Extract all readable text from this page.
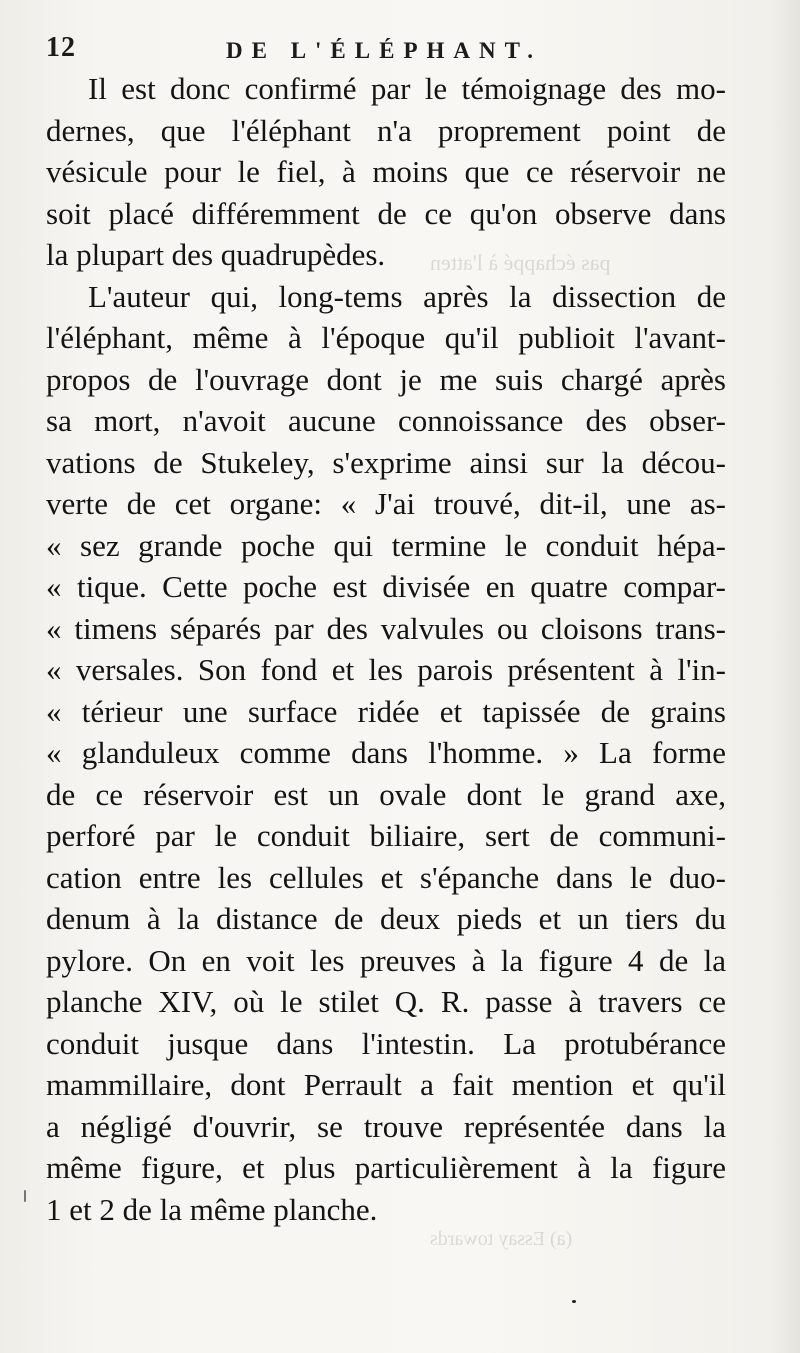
pas échappé à l'atten
(a) Essay towards
12	DE L'ÉLÉPHANT.
Il est donc confirmé par le témoignage des mo-
dernes, que l'éléphant n'a proprement point de
vésicule pour le fiel, à moins que ce réservoir ne
soit placé différemment de ce qu'on observe dans
la plupart des quadrupèdes.
L'auteur qui, long-tems après la dissection de
l'éléphant, même à l'époque qu'il publioit l'avant-
propos de l'ouvrage dont je me suis chargé après
sa mort, n'avoit aucune connoissance des obser-
vations de Stukeley, s'exprime ainsi sur la décou-
verte de cet organe: « J'ai trouvé, dit-il, une as-
« sez grande poche qui termine le conduit hépa-
« tique. Cette poche est divisée en quatre compar-
« timens séparés par des valvules ou cloisons trans-
« versales. Son fond et les parois présentent à l'in-
« térieur une surface ridée et tapissée de grains
« glanduleux comme dans l'homme. » La forme
de ce réservoir est un ovale dont le grand axe,
perforé par le conduit biliaire, sert de communi-
cation entre les cellules et s'épanche dans le duo-
denum à la distance de deux pieds et un tiers du
pylore. On en voit les preuves à la figure 4 de la
planche XIV, où le stilet Q. R. passe à travers ce
conduit jusque dans l'intestin. La protubérance
mammillaire, dont Perrault a fait mention et qu'il
a négligé d'ouvrir, se trouve représentée dans la
même figure, et plus particulièrement à la figure
1 et 2 de la même planche.
